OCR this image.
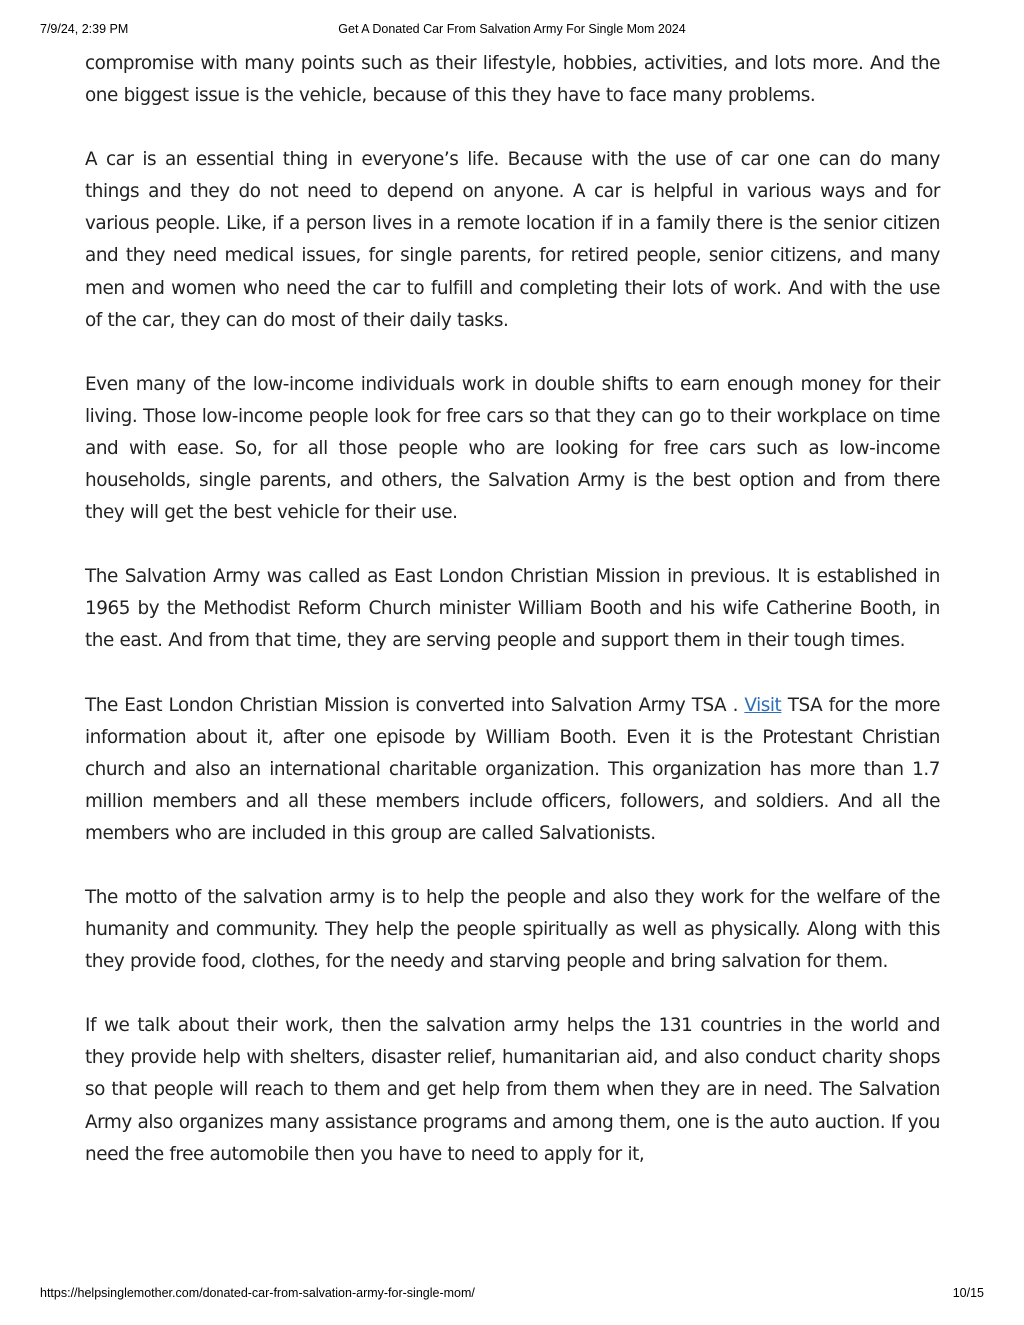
7/9/24, 2:39 PM	Get A Donated Car From Salvation Army For Single Mom 2024

compromise with many points such as their lifestyle, hobbies, activities, and lots more. And the one biggest issue is the vehicle, because of this they have to face many problems.

A car is an essential thing in everyone’s life. Because with the use of car one can do many things and they do not need to depend on anyone. A car is helpful in various ways and for various people. Like, if a person lives in a remote location if in a family there is the senior citizen and they need medical issues, for single parents, for retired people, senior citizens, and many men and women who need the car to fulfill and completing their lots of work. And with the use of the car, they can do most of their daily tasks.

Even many of the low-income individuals work in double shifts to earn enough money for their living. Those low-income people look for free cars so that they can go to their workplace on time and with ease. So, for all those people who are looking for free cars such as low-income households, single parents, and others, the Salvation Army is the best option and from there they will get the best vehicle for their use.

The Salvation Army was called as East London Christian Mission in previous. It is established in 1965 by the Methodist Reform Church minister William Booth and his wife Catherine Booth, in the east. And from that time, they are serving people and support them in their tough times.

The East London Christian Mission is converted into Salvation Army TSA . Visit TSA for the more information about it, after one episode by William Booth. Even it is the Protestant Christian church and also an international charitable organization. This organization has more than 1.7 million members and all these members include officers, followers, and soldiers. And all the members who are included in this group are called Salvationists.

The motto of the salvation army is to help the people and also they work for the welfare of the humanity and community. They help the people spiritually as well as physically. Along with this they provide food, clothes, for the needy and starving people and bring salvation for them.

If we talk about their work, then the salvation army helps the 131 countries in the world and they provide help with shelters, disaster relief, humanitarian aid, and also conduct charity shops so that people will reach to them and get help from them when they are in need. The Salvation Army also organizes many assistance programs and among them, one is the auto auction. If you need the free automobile then you have to need to apply for it,

https://helpsinglemother.com/donated-car-from-salvation-army-for-single-mom/	10/15
